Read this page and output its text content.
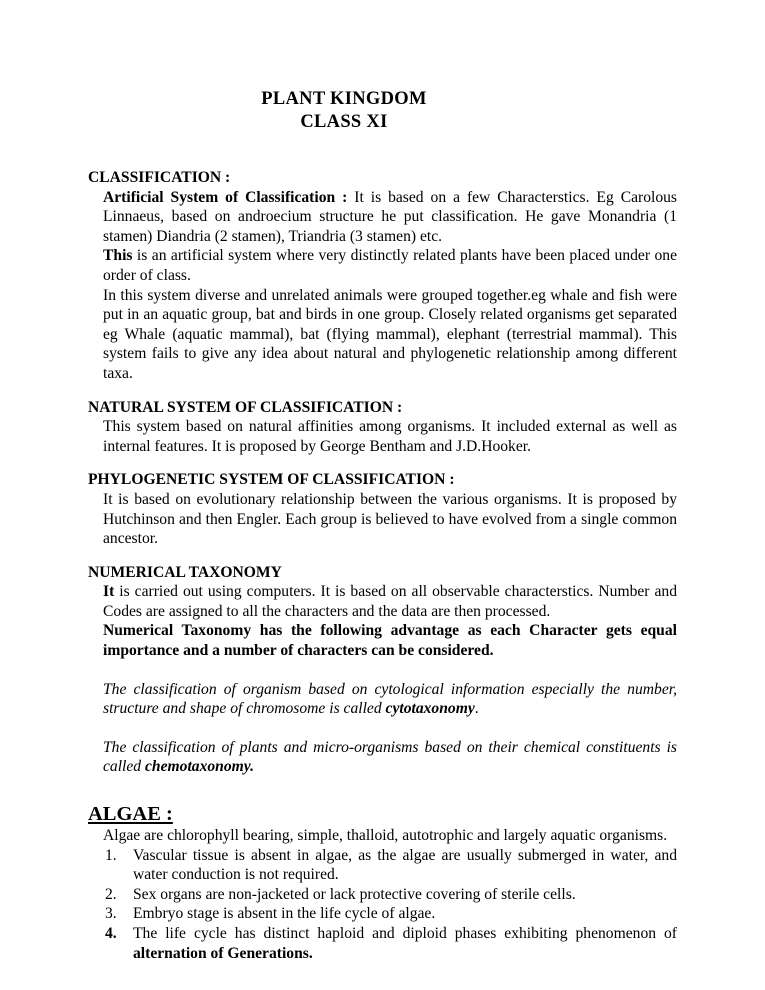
PLANT KINGDOM
CLASS XI
CLASSIFICATION :

Artificial System of Classification : It is based on a few Characterstics. Eg Carolous Linnaeus, based on androecium structure he put classification. He gave Monandria (1 stamen) Diandria (2 stamen), Triandria (3 stamen) etc.

This is an artificial system where very distinctly related plants have been placed under one order of class.

In this system diverse and unrelated animals were grouped together.eg whale and fish were put in an aquatic group, bat and birds in one group. Closely related organisms get separated eg Whale (aquatic mammal), bat (flying mammal), elephant (terrestrial mammal). This system fails to give any idea about natural and phylogenetic relationship among different taxa.

NATURAL SYSTEM OF CLASSIFICATION :

This system based on natural affinities among organisms. It included external as well as internal features. It is proposed by George Bentham and J.D.Hooker.

PHYLOGENETIC SYSTEM OF CLASSIFICATION :

It is based on evolutionary relationship between the various organisms. It is proposed by Hutchinson and then Engler. Each group is believed to have evolved from a single common ancestor.

NUMERICAL TAXONOMY

It is carried out using computers. It is based on all observable characterstics. Number and Codes are assigned to all the characters and the data are then processed.

Numerical Taxonomy has the following advantage as each Character gets equal importance and a number of characters can be considered.

The classification of organism based on cytological information especially the number, structure and shape of chromosome is called cytotaxonomy.

The classification of plants and micro-organisms based on their chemical constituents is called chemotaxonomy.

ALGAE :

Algae are chlorophyll bearing, simple, thalloid, autotrophic and largely aquatic organisms.

1.	Vascular tissue is absent in algae, as the algae are usually submerged in water, and water conduction is not required.
2.	Sex organs are non-jacketed or lack protective covering of sterile cells.
3.	Embryo stage is absent in the life cycle of algae.
4.	The life cycle has distinct haploid and diploid phases exhibiting phenomenon of alternation of Generations.
